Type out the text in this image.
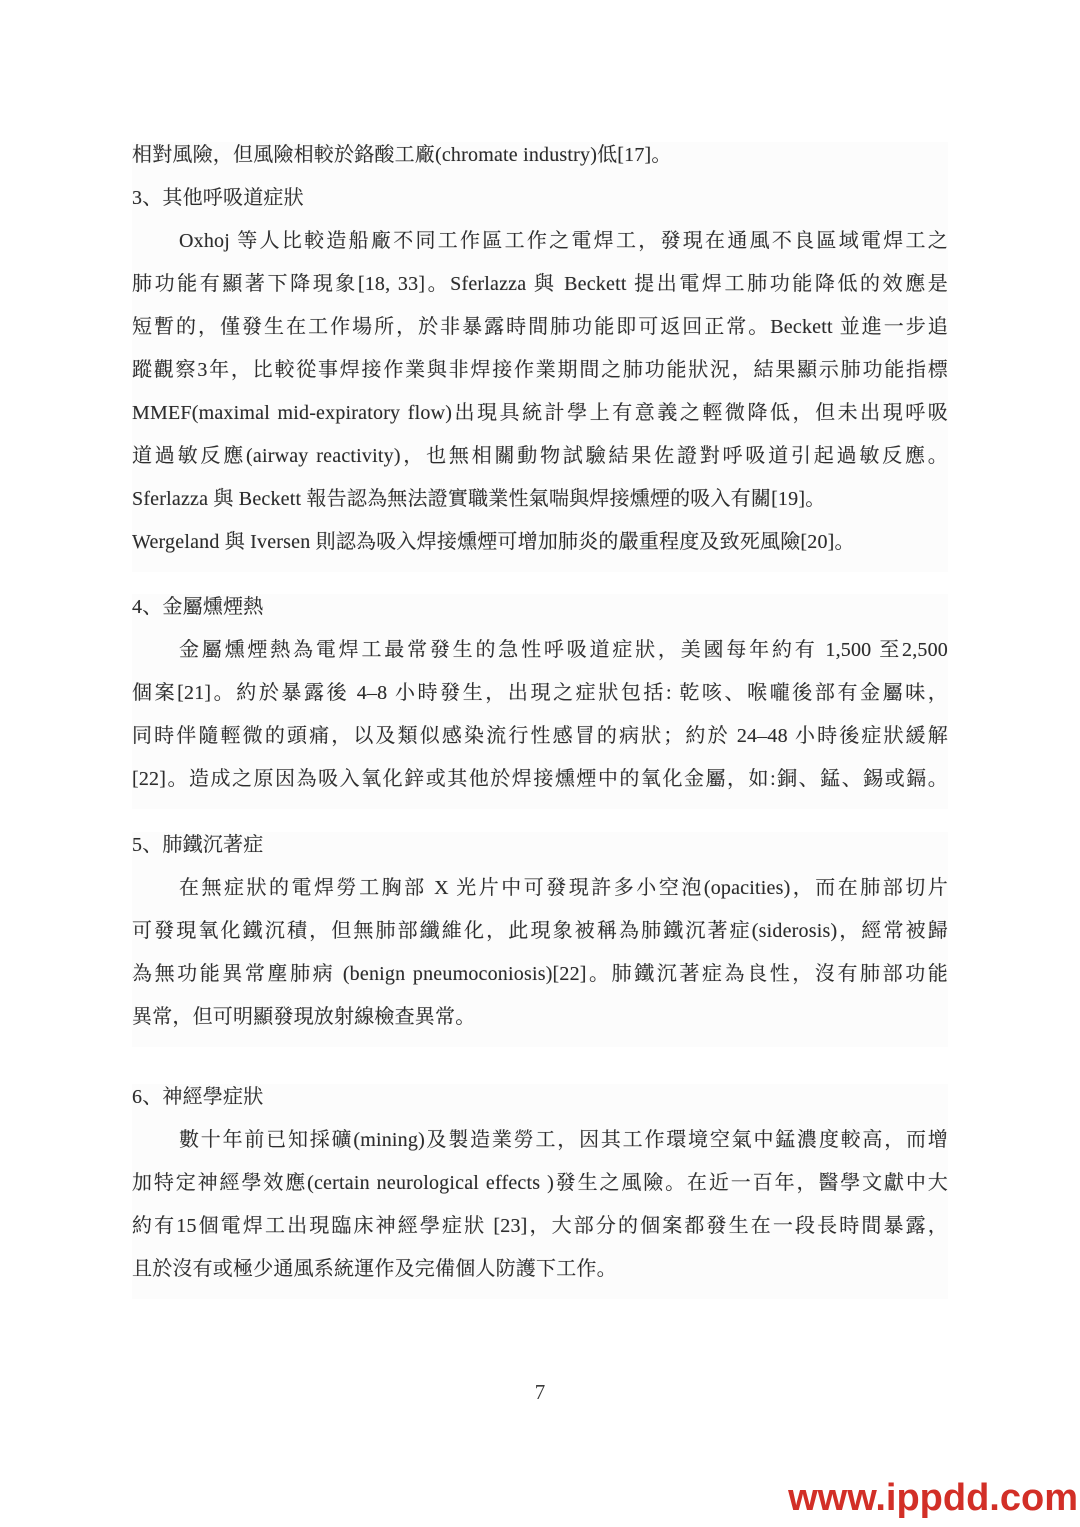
相對風險，但風險相較於鉻酸工廠(chromate industry)低[17]。
3、其他呼吸道症狀
Oxhoj 等人比較造船廠不同工作區工作之電焊工，發現在通風不良區域電焊工之
肺功能有顯著下降現象[18, 33]。Sferlazza 與 Beckett 提出電焊工肺功能降低的效應是
短暫的，僅發生在工作場所，於非暴露時間肺功能即可返回正常。Beckett 並進一步追
蹤觀察3年，比較從事焊接作業與非焊接作業期間之肺功能狀況，結果顯示肺功能指標
MMEF(maximal mid-expiratory flow)出現具統計學上有意義之輕微降低，但未出現呼吸
道過敏反應(airway reactivity)，也無相關動物試驗結果佐證對呼吸道引起過敏反應。
Sferlazza 與 Beckett 報告認為無法證實職業性氣喘與焊接燻煙的吸入有關[19]。
Wergeland 與 Iversen 則認為吸入焊接燻煙可增加肺炎的嚴重程度及致死風險[20]。
4、金屬燻煙熱
金屬燻煙熱為電焊工最常發生的急性呼吸道症狀，美國每年約有 1,500 至2,500
個案[21]。約於暴露後 4–8 小時發生，出現之症狀包括: 乾咳、喉嚨後部有金屬味，
同時伴隨輕微的頭痛，以及類似感染流行性感冒的病狀；約於 24–48 小時後症狀緩解
[22]。造成之原因為吸入氧化鋅或其他於焊接燻煙中的氧化金屬，如:銅、錳、錫或鎘。
5、肺鐵沉著症
在無症狀的電焊勞工胸部 X 光片中可發現許多小空泡(opacities)，而在肺部切片
可發現氧化鐵沉積，但無肺部纖維化，此現象被稱為肺鐵沉著症(siderosis)，經常被歸
為無功能異常塵肺病 (benign pneumoconiosis)[22]。肺鐵沉著症為良性，沒有肺部功能
異常，但可明顯發現放射線檢查異常。
6、神經學症狀
數十年前已知採礦(mining)及製造業勞工，因其工作環境空氣中錳濃度較高，而增
加特定神經學效應(certain neurological effects )發生之風險。在近一百年，醫學文獻中大
約有15個電焊工出現臨床神經學症狀 [23]，大部分的個案都發生在一段長時間暴露，
且於沒有或極少通風系統運作及完備個人防護下工作。
7
www.ippdd.com
